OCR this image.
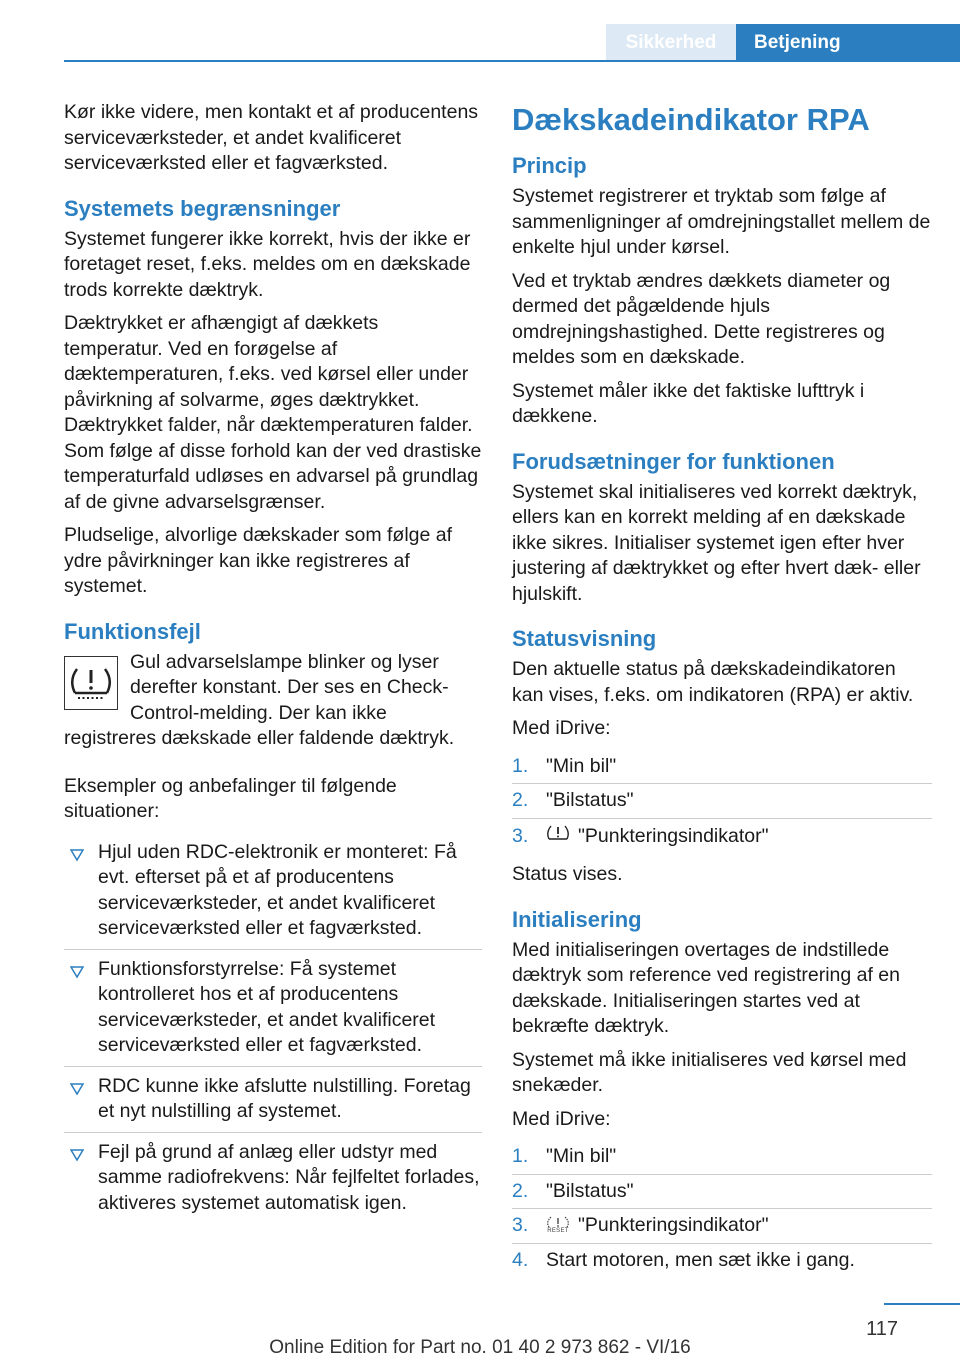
Sikkerhed	Betjening

Kør ikke videre, men kontakt et af producentens serviceværksteder, et andet kvalificeret serviceværksted eller et fagværksted.

Systemets begrænsninger

Systemet fungerer ikke korrekt, hvis der ikke er foretaget reset, f.eks. meldes om en dækskade trods korrekte dæktryk.

Dæktrykket er afhængigt af dækkets temperatur. Ved en forøgelse af dæktemperaturen, f.eks. ved kørsel eller under påvirkning af solvarme, øges dæktrykket. Dæktrykket falder, når dæktemperaturen falder. Som følge af disse forhold kan der ved drastiske temperaturfald udløses en advarsel på grundlag af de givne advarselsgrænser.

Pludselige, alvorlige dækskader som følge af ydre påvirkninger kan ikke registreres af systemet.

Funktionsfejl

Gul advarselslampe blinker og lyser derefter konstant. Der ses en Check-Control-melding. Der kan ikke registreres dækskade eller faldende dæktryk.

Eksempler og anbefalinger til følgende situationer:

Hjul uden RDC-elektronik er monteret: Få evt. efterset på et af producentens serviceværksteder, et andet kvalificeret serviceværksted eller et fagværksted.
Funktionsforstyrrelse: Få systemet kontrolleret hos et af producentens serviceværksteder, et andet kvalificeret serviceværksted eller et fagværksted.
RDC kunne ikke afslutte nulstilling. Foretag et nyt nulstilling af systemet.
Fejl på grund af anlæg eller udstyr med samme radiofrekvens: Når fejlfeltet forlades, aktiveres systemet automatisk igen.
Dækskadeindikator RPA
Princip

Systemet registrerer et tryktab som følge af sammenligninger af omdrejningstallet mellem de enkelte hjul under kørsel.

Ved et tryktab ændres dækkets diameter og dermed det pågældende hjuls omdrejningshastighed. Dette registreres og meldes som en dækskade.

Systemet måler ikke det faktiske lufttryk i dækkene.

Forudsætninger for funktionen

Systemet skal initialiseres ved korrekt dæktryk, ellers kan en korrekt melding af en dækskade ikke sikres. Initialiser systemet igen efter hver justering af dæktrykket og efter hvert dæk- eller hjulskift.

Statusvisning

Den aktuelle status på dækskadeindikatoren kan vises, f.eks. om indikatoren (RPA) er aktiv.

Med iDrive:

1. "Min bil"
2. "Bilstatus"
3.	"Punkteringsindikator"

Status vises.

Initialisering

Med initialiseringen overtages de indstillede dæktryk som reference ved registrering af en dækskade. Initialiseringen startes ved at bekræfte dæktryk.

Systemet må ikke initialiseres ved kørsel med snekæder.

Med iDrive:

1. "Min bil"
2. "Bilstatus"
3.	RESET "Punkteringsindikator"
4. Start motoren, men sæt ikke i gang.
117
Online Edition for Part no. 01 40 2 973 862 - VI/16
